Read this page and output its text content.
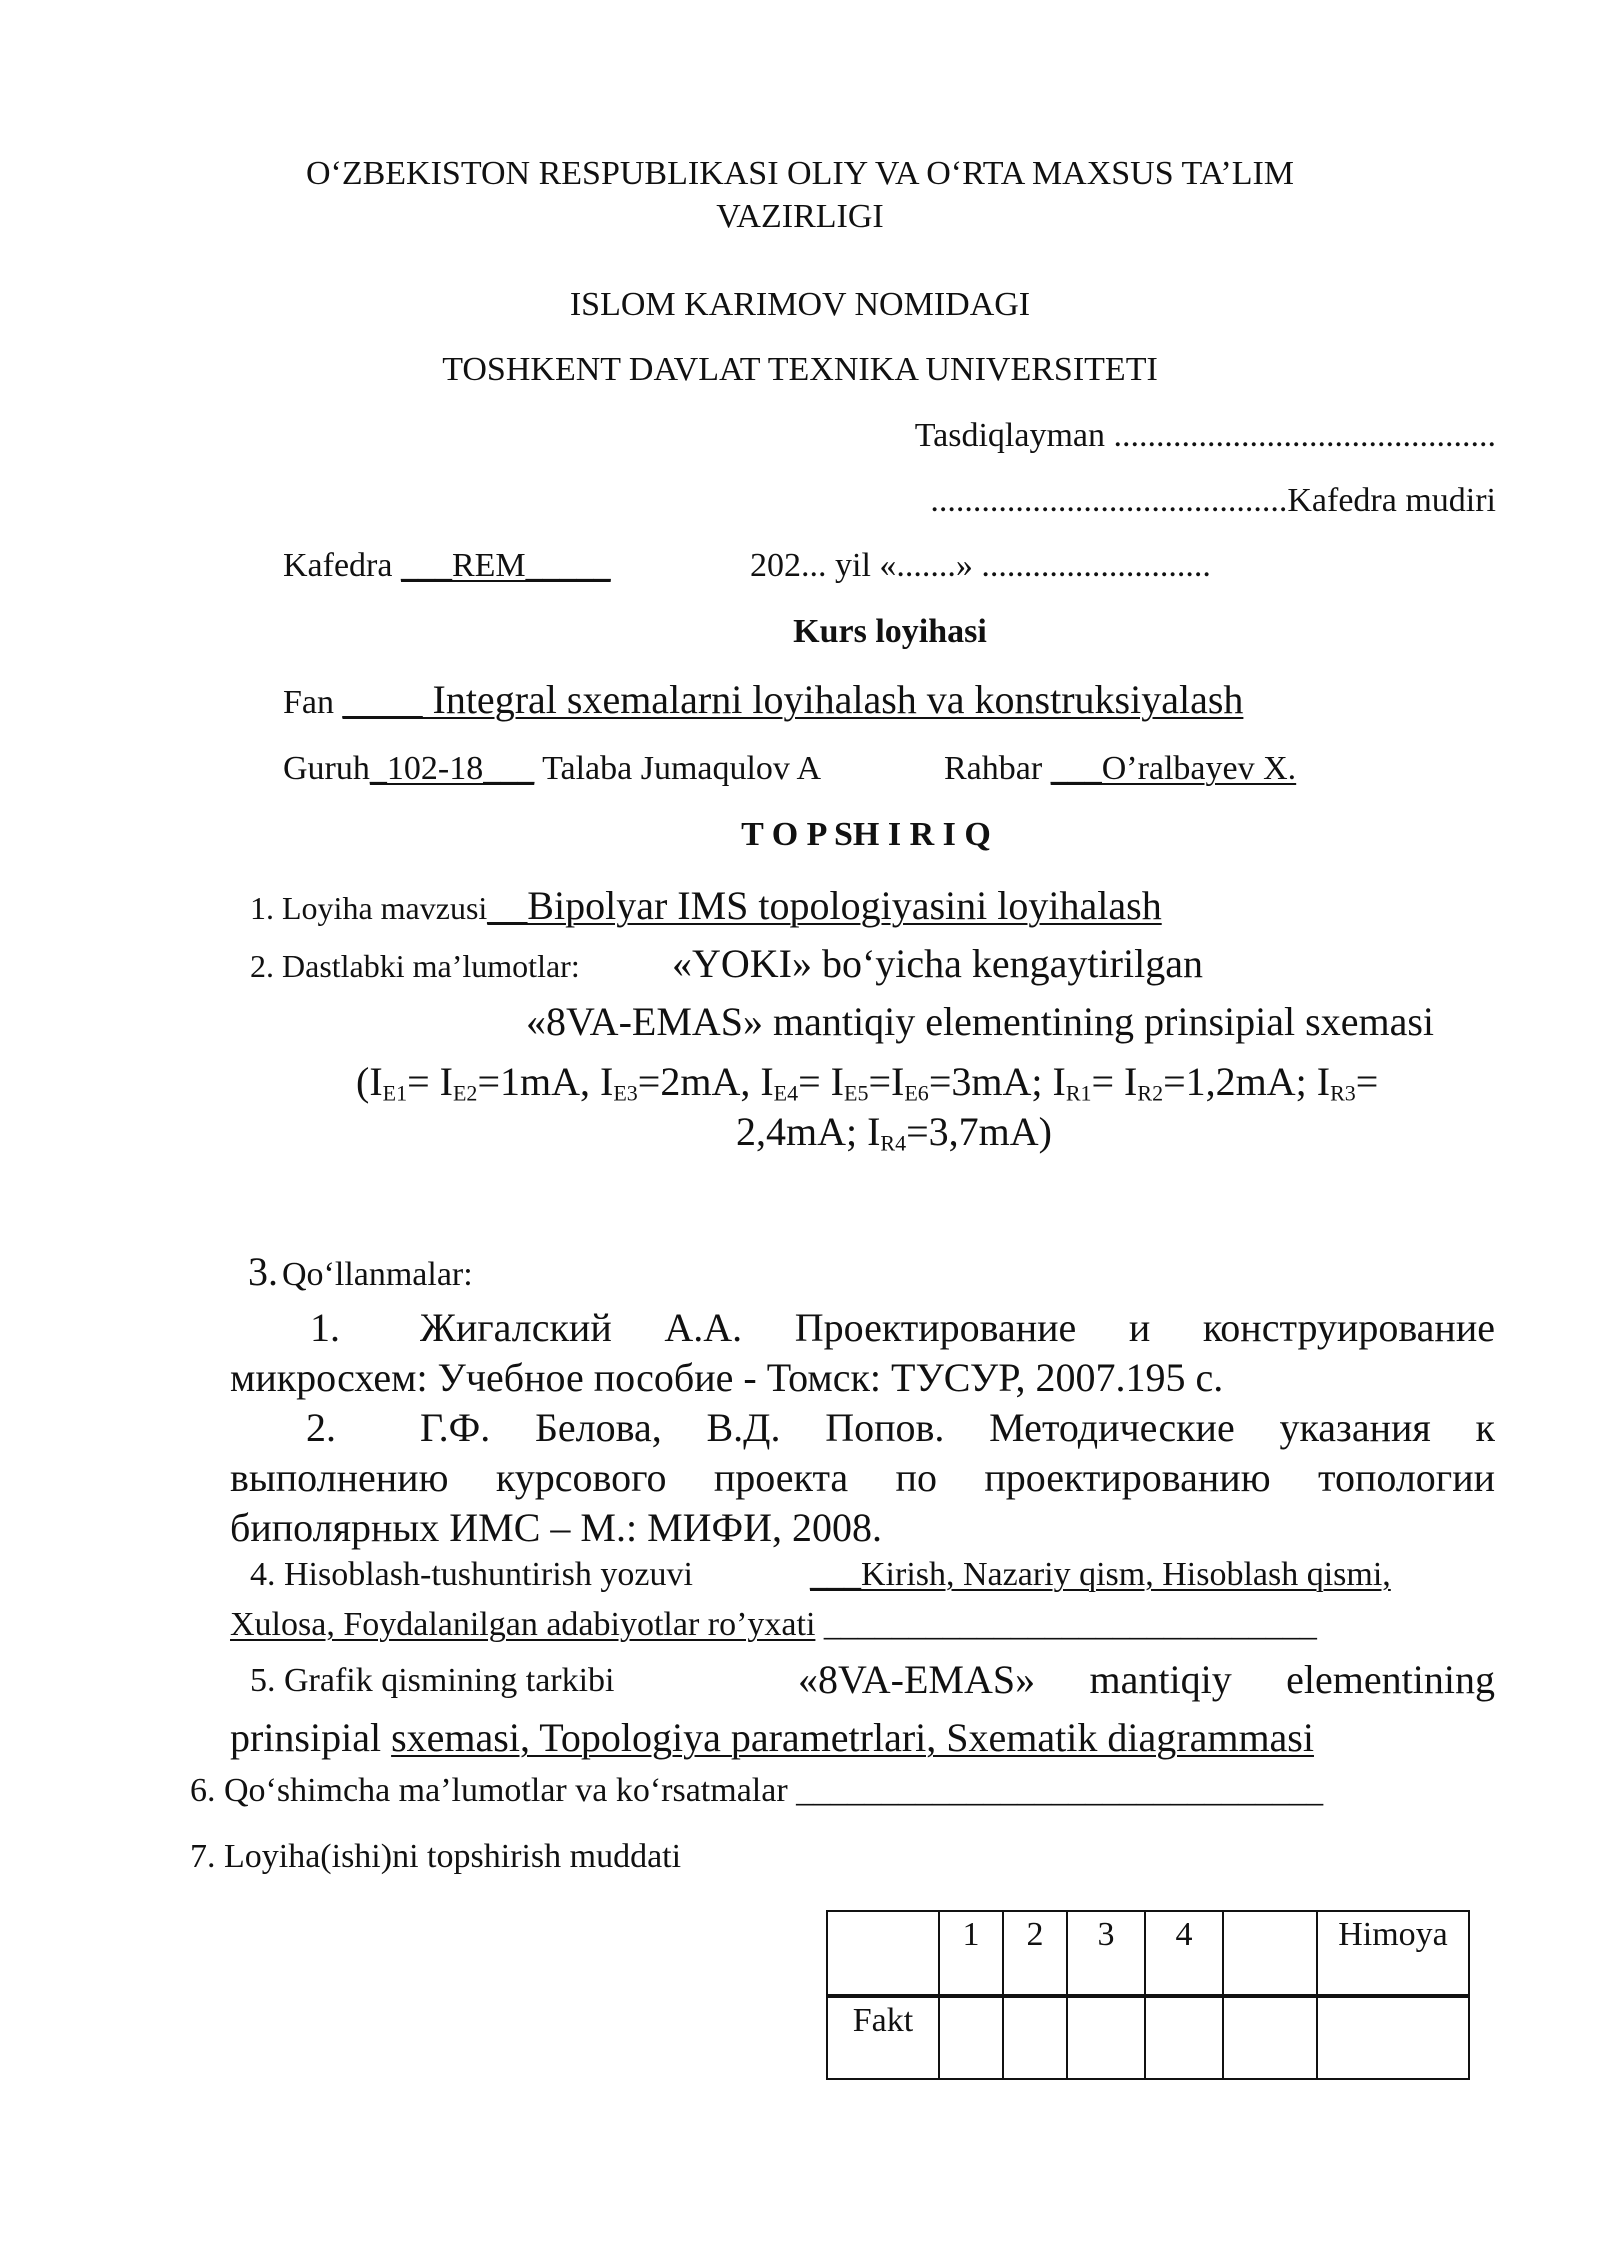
O‘ZBEKISTON RESPUBLIKASI OLIY VA O‘RTA MAXSUS TA’LIM
VAZIRLIGI
ISLOM KARIMOV NOMIDAGI
TOSHKENT DAVLAT TEXNIKA UNIVERSITETI
Tasdiqlayman .............................................
..........................................Kafedra mudiri
Kafedra ___REM_____	202... yil «.......» ...........................
Kurs loyihasi
Fan ____ Integral sxemalarni loyihalash va konstruksiyalash
Guruh_102-18___ Talaba Jumaqulov A	Rahbar ___O’ralbayev X.
T O P SH I R I Q
1. Loyiha mavzusi__Bipolyar IMS topologiyasini loyihalash
2. Dastlabki ma’lumotlar: «YOKI» bo‘yicha kengaytirilgan
«8VA-EMAS» mantiqiy elementining prinsipial sxemasi
($I_{E1}= I_{E2}=1mA$, $I_{E3}=2mA$, $I_{E4}= I_{E5}=I_{E6}=3mA$; $I_{R1}= I_{R2}=1,2mA$; $I_{R3}=$
2,4mA; $I_{R4}=3,7mA$)
3. Qo‘llanmalar:
1. Жигалский А.А. Проектирование и конструирование
микросхем: Учебное пособие - Томск: ТУСУР, 2007.195 с.
2. Г.Ф. Белова, В.Д. Попов. Методические указания к
выполнению курсового проекта по проектированию топологии
биполярных ИМС – М.: МИФИ, 2008.
4. Hisoblash-tushuntirish yozuvi	___Kirish, Nazariy qism, Hisoblash qismi,
Xulosa, Foydalanilgan adabiyotlar ro’yxati _____________________________
5. Grafik qismining tarkibi	«8VA-EMAS» mantiqiy elementining
prinsipial sxemasi, Topologiya parametrlari, Sxematik diagrammasi
6. Qo‘shimcha ma’lumotlar va ko‘rsatmalar _______________________________
7. Loyiha(ishi)ni topshirish muddati
	1	2	3	4		Himoya
Fakt						
